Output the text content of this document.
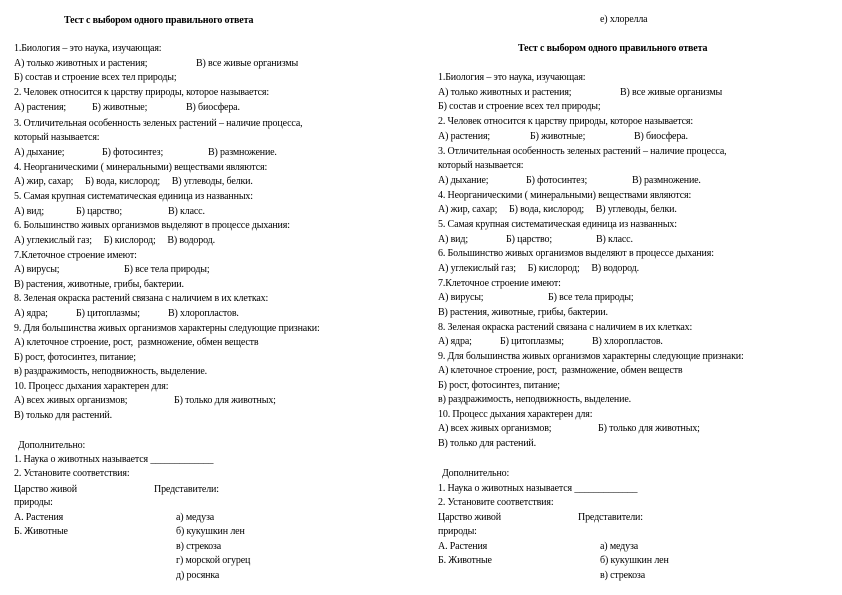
Тест с выбором одного правильного ответа
1.Биология – это наука, изучающая:
А) только животных и растения;	В) все живые организмы
Б) состав и строение всех тел природы;
2. Человек относится к царству природы, которое называется:
А) растения;	Б) животные;	В) биосфера.
3. Отличительная особенность зеленых растений – наличие процесса,
который называется:
А) дыхание;	Б) фотосинтез;	В) размножение.
4. Неорганическими ( минеральными) веществами являются:
А) жир, сахар;     Б) вода, кислород;     В) углеводы, белки.
5. Самая крупная систематическая единица из названных:
А) вид;	Б) царство;	В) класс.
6. Большинство живых организмов выделяют в процессе дыхания:
А) углекислый газ;     Б) кислород;     В) водород.
7.Клеточное строение имеют:
А) вирусы;	Б) все тела природы;
В) растения, животные, грибы, бактерии.
8. Зеленая окраска растений связана с наличием в их клетках:
А) ядра;	Б) цитоплазмы;	В) хлоропластов.
9. Для большинства живых организмов характерны следующие признаки:
А) клеточное строение, рост,  размножение, обмен веществ
Б) рост, фотосинтез, питание;
в) раздражимость, неподвижность, выделение.
10. Процесс дыхания характерен для:
А) всех живых организмов;	Б) только для животных;
В) только для растений.
Дополнительно:
1. Наука о животных называется _____________
2. Установите соответствия:
Царство живой	Представители:
природы:
А. Растения	а) медуза
Б. Животные	б) кукушкин лен
в) стрекоза
г) морской огурец
д) росянка
е) хлорелла
Тест с выбором одного правильного ответа
1.Биология – это наука, изучающая:
А) только животных и растения;	В) все живые организмы
Б) состав и строение всех тел природы;
2. Человек относится к царству природы, которое называется:
А) растения;	Б) животные;	В) биосфера.
3. Отличительная особенность зеленых растений – наличие процесса,
который называется:
А) дыхание;	Б) фотосинтез;	В) размножение.
4. Неорганическими ( минеральными) веществами являются:
А) жир, сахар;     Б) вода, кислород;     В) углеводы, белки.
5. Самая крупная систематическая единица из названных:
А) вид;	Б) царство;	В) класс.
6. Большинство живых организмов выделяют в процессе дыхания:
А) углекислый газ;     Б) кислород;     В) водород.
7.Клеточное строение имеют:
А) вирусы;	Б) все тела природы;
В) растения, животные, грибы, бактерии.
8. Зеленая окраска растений связана с наличием в их клетках:
А) ядра;	Б) цитоплазмы;	В) хлоропластов.
9. Для большинства живых организмов характерны следующие признаки:
А) клеточное строение, рост,  размножение, обмен веществ
Б) рост, фотосинтез, питание;
в) раздражимость, неподвижность, выделение.
10. Процесс дыхания характерен для:
А) всех живых организмов;	Б) только для животных;
В) только для растений.
Дополнительно:
1. Наука о животных называется _____________
2. Установите соответствия:
Царство живой	Представители:
природы:
А. Растения	а) медуза
Б. Животные	б) кукушкин лен
в) стрекоза
